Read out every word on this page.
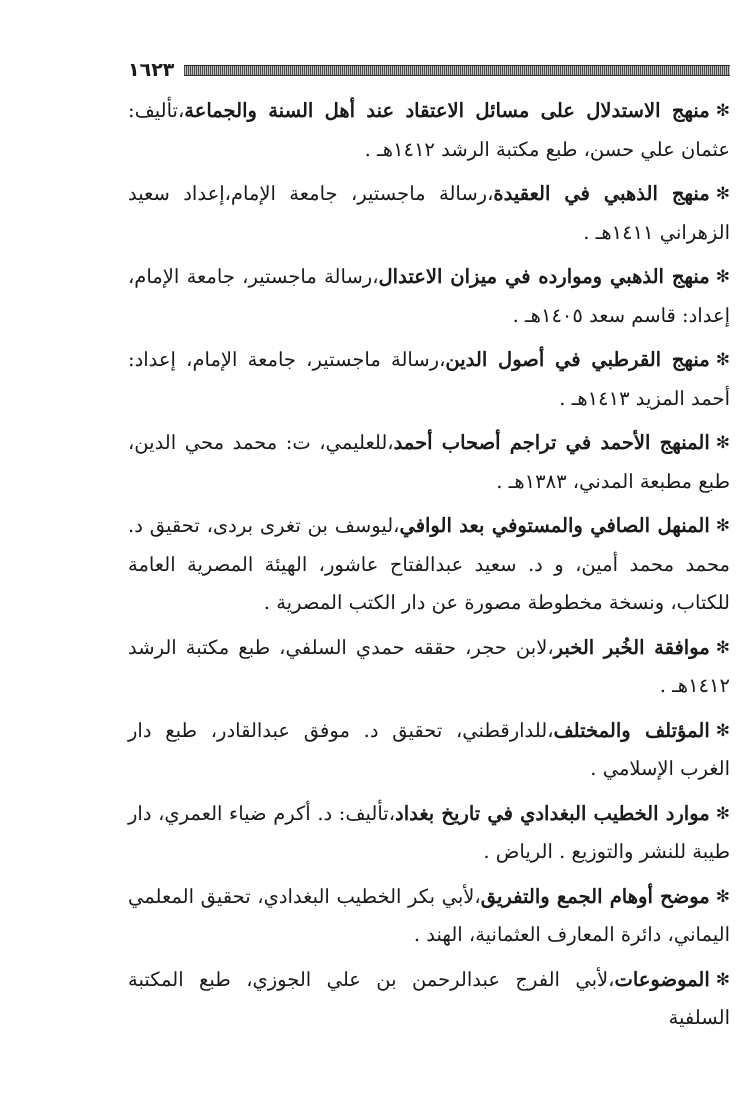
١٦٢٣

✻منهج الاستدلال على مسائل الاعتقاد عند أهل السنة والجماعة،تأليف: عثمان علي حسن، طبع مكتبة الرشد ١٤١٢هـ .

✻منهج الذهبي في العقيدة،رسالة ماجستير، جامعة الإمام،إعداد سعيد الزهراني ١٤١١هـ .

✻منهج الذهبي وموارده في ميزان الاعتدال،رسالة ماجستير، جامعة الإمام، إعداد: قاسم سعد ١٤٠٥هـ .

✻منهج القرطبي في أصول الدين،رسالة ماجستير، جامعة الإمام، إعداد: أحمد المزيد ١٤١٣هـ .

✻المنهج الأحمد في تراجم أصحاب أحمد،للعليمي، ت: محمد محي الدين، طبع مطبعة المدني، ١٣٨٣هـ .

✻المنهل الصافي والمستوفي بعد الوافي،ليوسف بن تغرى بردى، تحقيق د. محمد محمد أمين، و د. سعيد عبدالفتاح عاشور، الهيئة المصرية العامة للكتاب، ونسخة مخطوطة مصورة عن دار الكتب المصرية .

✻موافقة الخُبر الخبر،لابن حجر، حققه حمدي السلفي، طبع مكتبة الرشد ١٤١٢هـ .

✻المؤتلف والمختلف،للدارقطني، تحقيق د. موفق عبدالقادر، طبع دار الغرب الإسلامي .

✻موارد الخطيب البغدادي في تاريخ بغداد،تأليف: د. أكرم ضياء العمري، دار طيبة للنشر والتوزيع . الرياض .

✻موضح أوهام الجمع والتفريق،لأبي بكر الخطيب البغدادي، تحقيق المعلمي اليماني، دائرة المعارف العثمانية، الهند .

✻الموضوعات،لأبي الفرج عبدالرحمن بن علي الجوزي، طبع المكتبة السلفية
